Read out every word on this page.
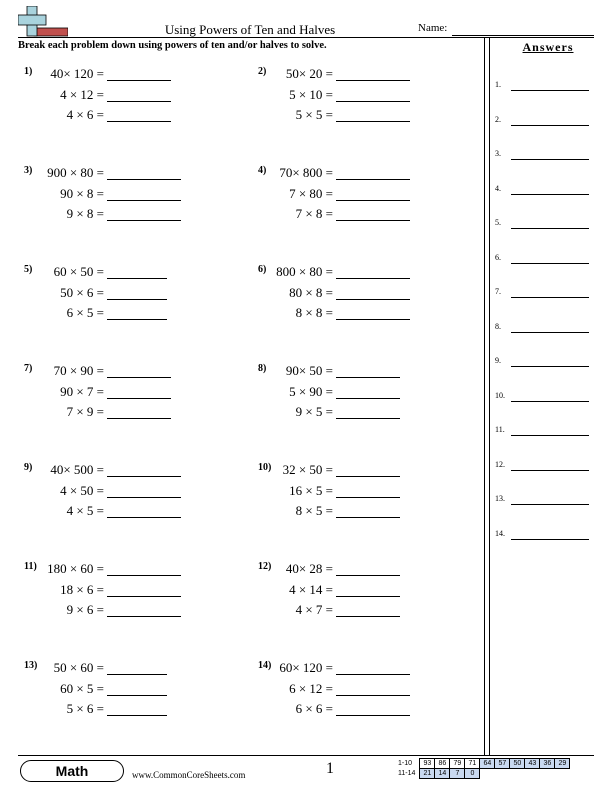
Using Powers of Ten and Halves	Name:
Break each problem down using powers of ten and/or halves to solve.	Answers
1.
2.
3.
4.
5.
6.
7.
8.
9.
10.
11.
12.
13.
14.
1)	40× 120 =
4 × 12 =
4 × 6 =
2)	50× 20 =
5 × 10 =
5 × 5 =
3)	900 × 80 =
90 × 8 =
9 × 8 =
4) 70× 800 =
7 × 80 =
7 × 8 =
5)	60 × 50 =
50 × 6 =
6 × 5 =
6) 800 × 80 =
80 × 8 =
8 × 8 =
7)	70 × 90 =
90 × 7 =
7 × 9 =
8)	90× 50 =
5 × 90 =
9 × 5 =
9)	40× 500 =
4 × 50 =
4 × 5 =
10) 32 × 50 =
16 × 5 =
8 × 5 =
11) 180 × 60 =
18 × 6 =
9 × 6 =
12)	40× 28 =
4 × 14 =
4 × 7 =
13)	50 × 60 =
60 × 5 =
5 × 6 =
14) 60× 120 =
6 × 12 =
6 × 6 =
Math	www.CommonCoreSheets.com	1	1-10	93	86	79	71	64	57	50	43	36	29
11-14	21	14	7	0						
